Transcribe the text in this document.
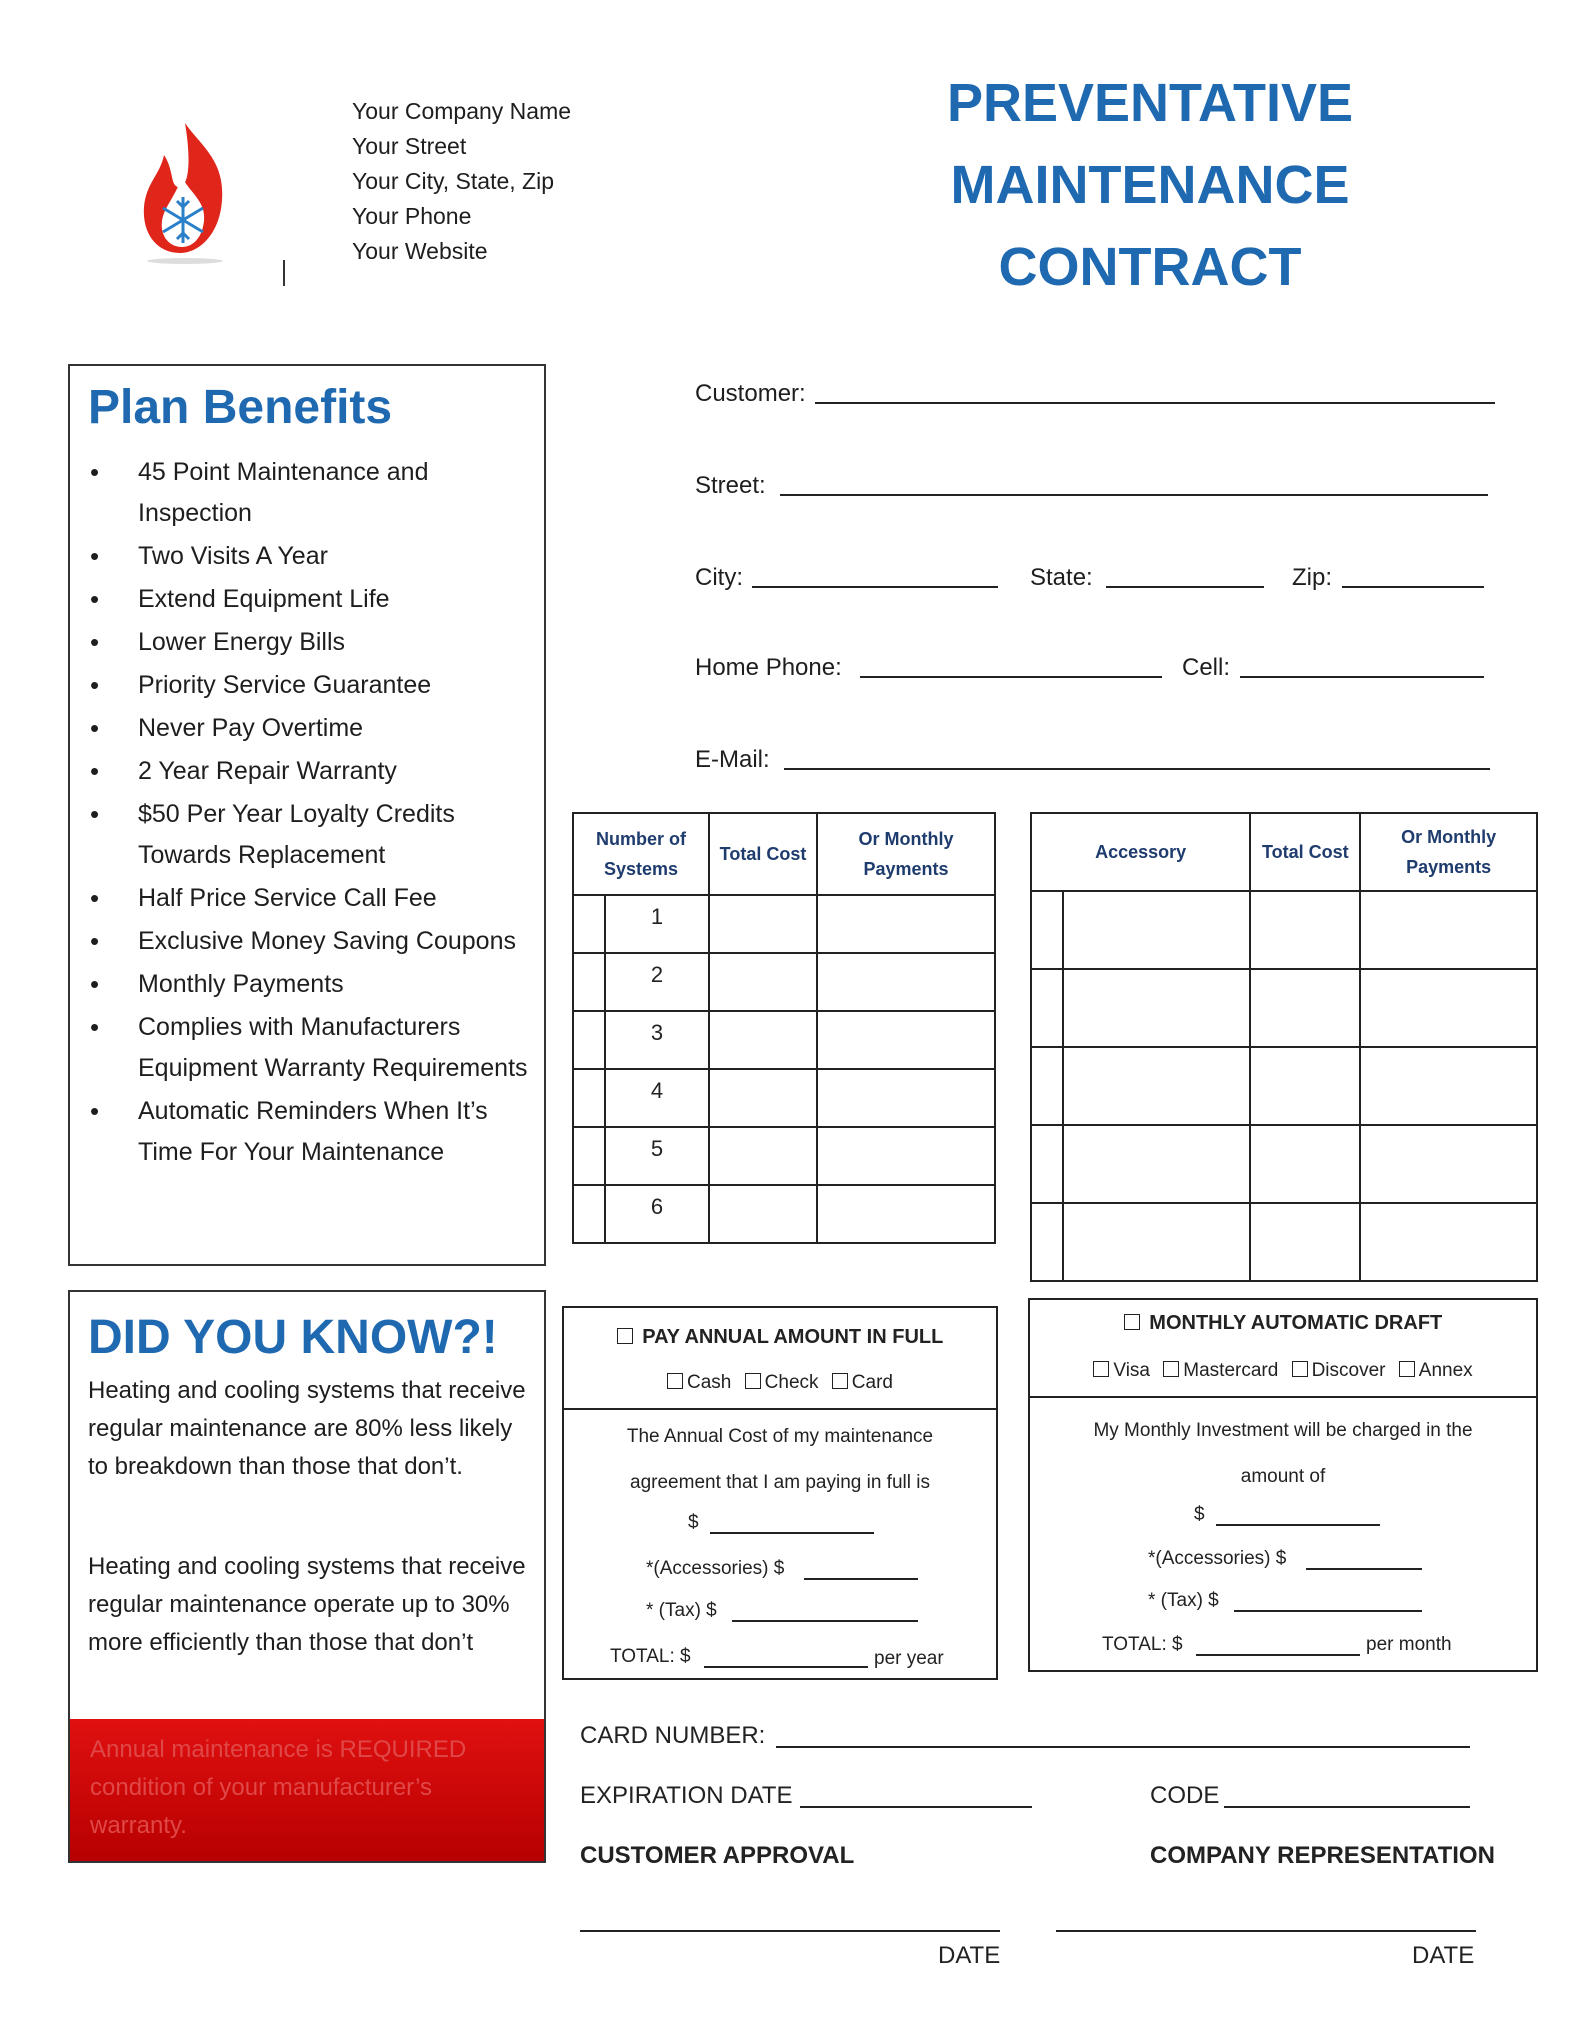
Your Company Name
Your Street
Your City, State, Zip
Your Phone
Your Website
PREVENTATIVE
MAINTENANCE
CONTRACT
Plan Benefits
• 45 Point Maintenance and Inspection
• Two Visits A Year
• Extend Equipment Life
• Lower Energy Bills
• Priority Service Guarantee
• Never Pay Overtime
• 2 Year Repair Warranty
• $50 Per Year Loyalty Credits Towards Replacement
• Half Price Service Call Fee
• Exclusive Money Saving Coupons
• Monthly Payments
• Complies with Manufacturers Equipment Warranty Requirements
• Automatic Reminders When It’s Time For Your Maintenance
DID YOU KNOW?!
Heating and cooling systems that receive regular maintenance are 80% less likely to breakdown than those that don’t.
Heating and cooling systems that receive regular maintenance operate up to 30% more efficiently than those that don’t
Annual maintenance is REQUIRED condition of your manufacturer’s warranty.
Customer:
Street:
City:	State:	Zip:
Home Phone:	Cell:
E-Mail:
Number of Systems		Total Cost	Or Monthly Payments
	1		
	2		
	3		
	4		
	5		
	6		
Accessory		Total Cost	Or Monthly Payments

PAY ANNUAL AMOUNT IN FULL
Cash Check Card
The Annual Cost of my maintenance
agreement that I am paying in full is
$
*(Accessories) $
* (Tax) $
TOTAL: $	per year
MONTHLY AUTOMATIC DRAFT
Visa Mastercard Discover Annex
My Monthly Investment will be charged in the
amount of
$
*(Accessories) $
* (Tax) $
TOTAL: $	per month
CARD NUMBER:
EXPIRATION DATE	CODE
CUSTOMER APPROVAL	COMPANY REPRESENTATION
DATE	DATE
